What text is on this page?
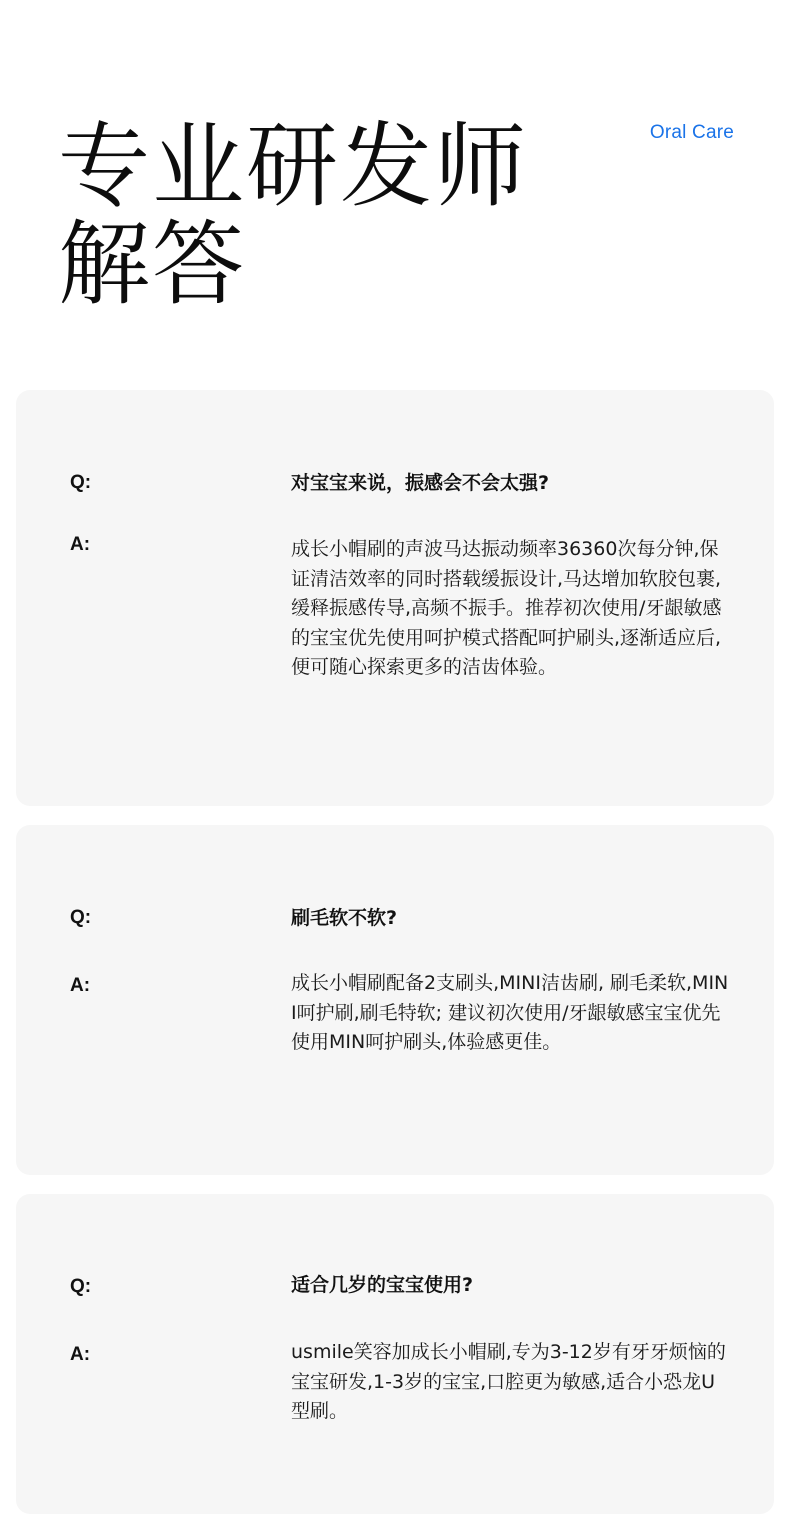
专业研发师
解答
Oral Care
Q:	对宝宝来说，振感会不会太强?
A:	成长小帽刷的声波马达振动频率36360次每分钟,保证清洁效率的同时搭载缓振设计,马达增加软胶包裹,缓释振感传导,高频不振手。推荐初次使用/牙龈敏感的宝宝优先使用呵护模式搭配呵护刷头,逐渐适应后,便可随心探索更多的洁齿体验。
Q:	刷毛软不软?
A:	成长小帽刷配备2支刷头,MINI洁齿刷, 刷毛柔软,MINI呵护刷,刷毛特软; 建议初次使用/牙龈敏感宝宝优先使用MIN呵护刷头,体验感更佳。
Q:	适合几岁的宝宝使用?
A:	usmile笑容加成长小帽刷,专为3-12岁有牙牙烦恼的宝宝研发,1-3岁的宝宝,口腔更为敏感,适合小恐龙U型刷。
